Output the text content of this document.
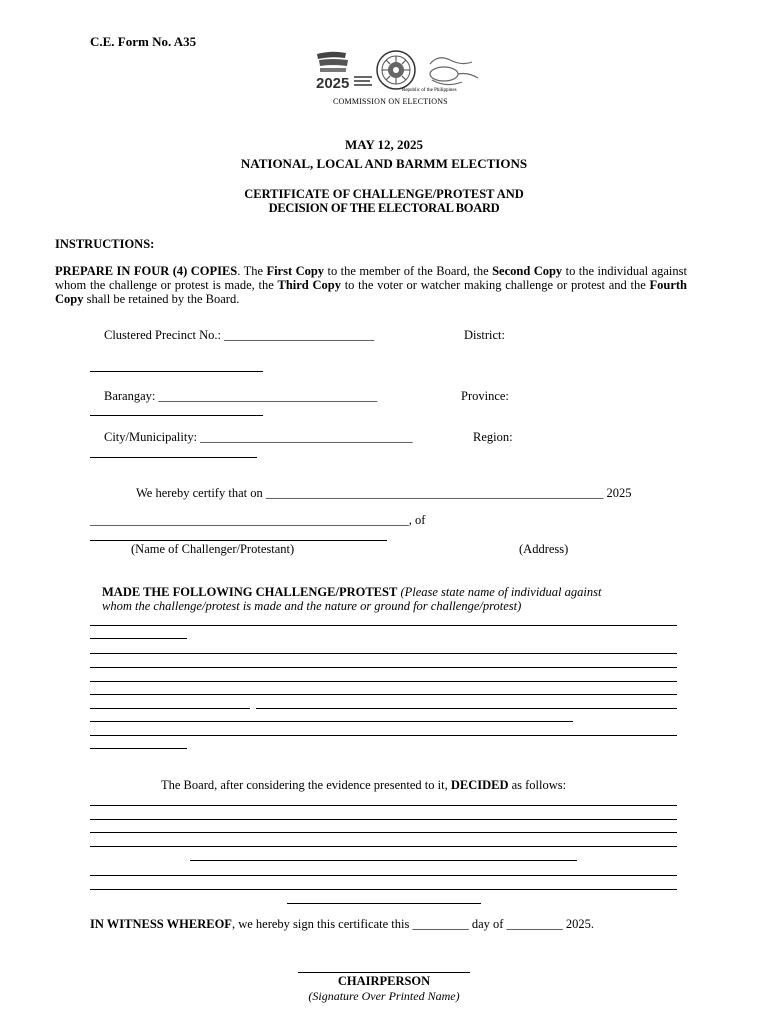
C.E. Form No. A35
2025	Republic of the Philippines
COMMISSION ON ELECTIONS
MAY 12, 2025
NATIONAL, LOCAL AND BARMM ELECTIONS
CERTIFICATE OF CHALLENGE/PROTEST AND
DECISION OF THE ELECTORAL BOARD
INSTRUCTIONS:
PREPARE IN FOUR (4) COPIES. The First Copy to the member of the Board, the Second Copy to the individual against whom the challenge or protest is made, the Third Copy to the voter or watcher making challenge or protest and the Fourth Copy shall be retained by the Board.
Clustered Precinct No.: ________________________	District:
Barangay: ___________________________________	Province:
City/Municipality: __________________________________	Region:
We hereby certify that on ______________________________________________________ 2025
___________________________________________________, of
(Name of Challenger/Protestant)	(Address)
MADE THE FOLLOWING CHALLENGE/PROTEST (Please state name of individual against
whom the challenge/protest is made and the nature or ground for challenge/protest)
The Board, after considering the evidence presented to it, DECIDED as follows:
IN WITNESS WHEREOF, we hereby sign this certificate this _________ day of _________ 2025.
CHAIRPERSON
(Signature Over Printed Name)
